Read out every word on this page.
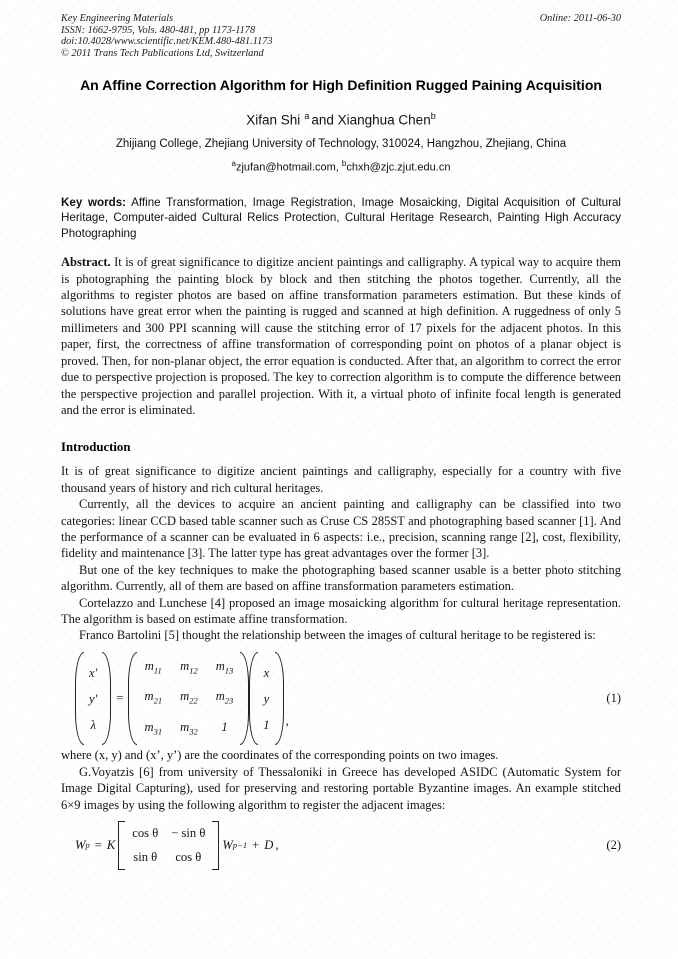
Key Engineering Materials
ISSN: 1662-9795, Vols. 480-481, pp 1173-1178
doi:10.4028/www.scientific.net/KEM.480-481.1173
© 2011 Trans Tech Publications Ltd, Switzerland
Online: 2011-06-30
An Affine Correction Algorithm for High Definition Rugged Paining Acquisition

Xifan Shi $^a$ and Xianghua Chen$^b$

Zhijiang College, Zhejiang University of Technology, 310024, Hangzhou, Zhejiang, China

$^a$zjufan@hotmail.com, $^b$chxh@zjc.zjut.edu.cn

Key words: Affine Transformation, Image Registration, Image Mosaicking, Digital Acquisition of Cultural Heritage, Computer-aided Cultural Relics Protection, Cultural Heritage Research, Painting High Accuracy Photographing

Abstract. It is of great significance to digitize ancient paintings and calligraphy. A typical way to acquire them is photographing the painting block by block and then stitching the photos together. Currently, all the algorithms to register photos are based on affine transformation parameters estimation. But these kinds of solutions have great error when the painting is rugged and scanned at high definition. A ruggedness of only 5 millimeters and 300 PPI scanning will cause the stitching error of 17 pixels for the adjacent photos. In this paper, first, the correctness of affine transformation of corresponding point on photos of a planar object is proved. Then, for non-planar object, the error equation is conducted. After that, an algorithm to correct the error due to perspective projection is proposed. The key to correction algorithm is to compute the difference between the perspective projection and parallel projection. With it, a virtual photo of infinite focal length is generated and the error is eliminated.

Introduction

It is of great significance to digitize ancient paintings and calligraphy, especially for a country with five thousand years of history and rich cultural heritages.

Currently, all the devices to acquire an ancient painting and calligraphy can be classified into two categories: linear CCD based table scanner such as Cruse CS 285ST and photographing based scanner [1]. And the performance of a scanner can be evaluated in 6 aspects: i.e., precision, scanning range [2], cost, flexibility, fidelity and maintenance [3]. The latter type has great advantages over the former [3].

But one of the key techniques to make the photographing based scanner usable is a better photo stitching algorithm. Currently, all of them are based on affine transformation parameters estimation.

Cortelazzo and Lunchese [4] proposed an image mosaicking algorithm for cultural heritage representation. The algorithm is based on estimate affine transformation.

Franco Bartolini [5] thought the relationship between the images of cultural heritage to be registered is:

x′
y′
λ
=
$m_{11}$ $m_{12}$ $m_{13}$
$m_{21}$ $m_{22}$ $m_{23}$
$m_{31}$ $m_{32}$ 1
x
y
1 ,
(1)

where (x, y) and (x’, y’) are the coordinates of the corresponding points on two images.

G.Voyatzis [6] from university of Thessaloniki in Greece has developed ASIDC (Automatic System for Image Digital Capturing), used for preserving and restoring portable Byzantine images. An example stitched 6×9 images by using the following algorithm to register the adjacent images:

W p = K
cos θ − sin θ
sin θ cos θ
W p−1 + D ,	(2)
